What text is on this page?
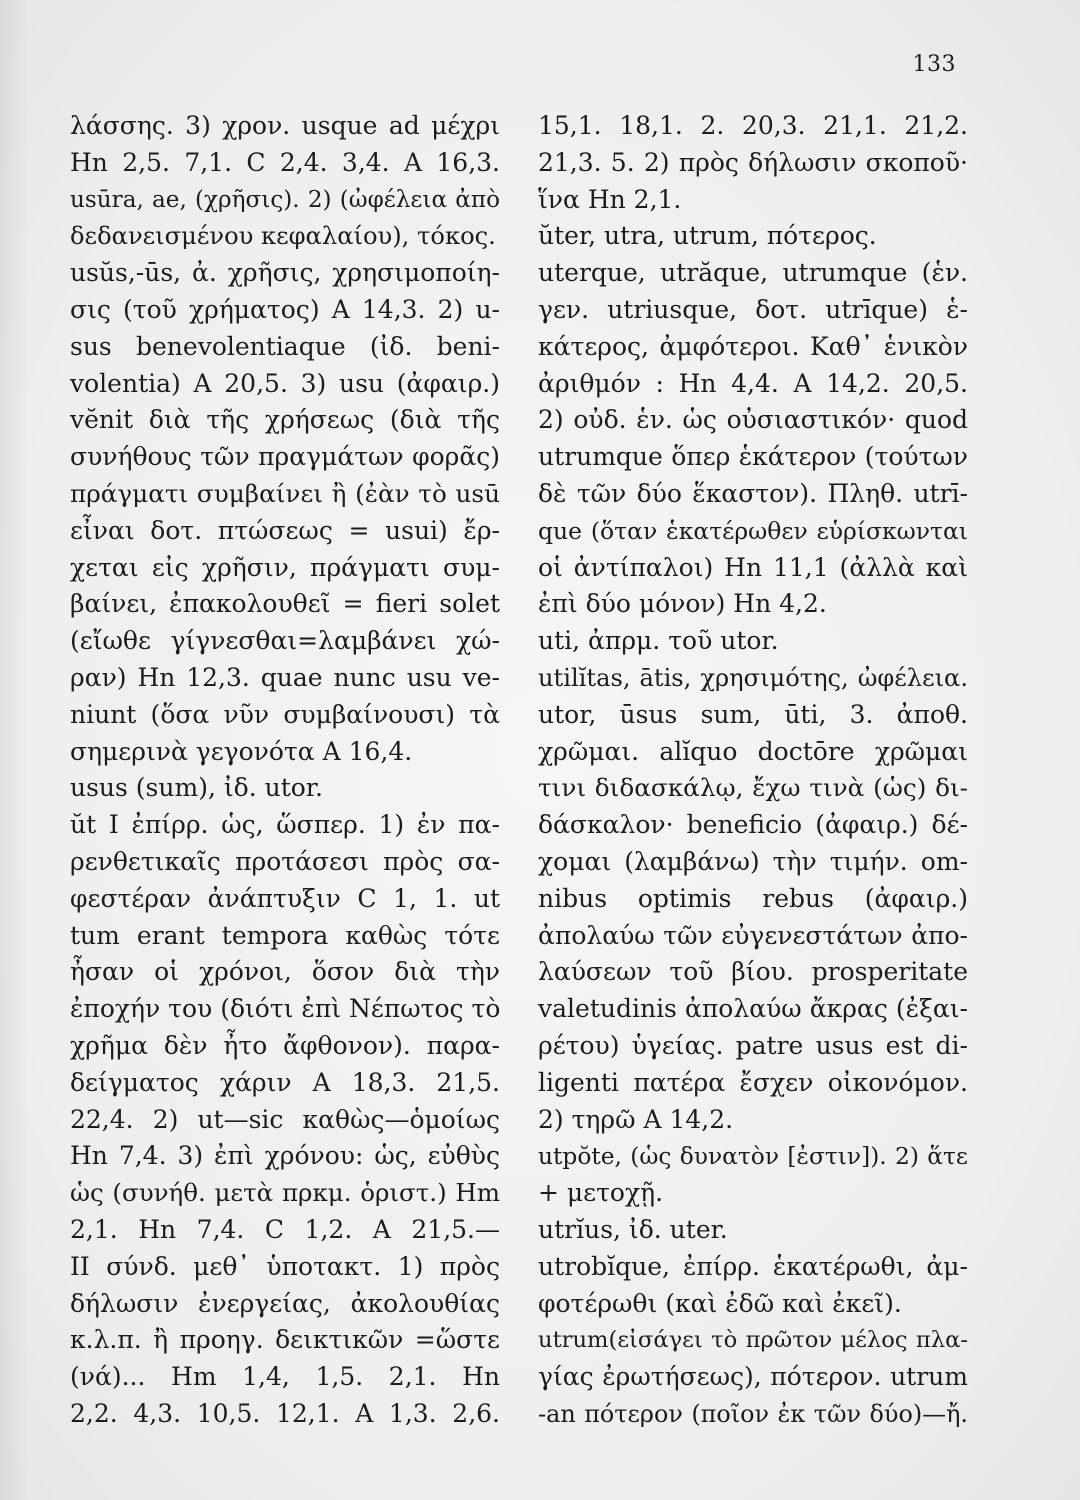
133
λάσσης. 3) χρον. usque ad μέχρι
Hn 2,5. 7,1. C 2,4. 3,4. A 16,3.
usūra, ae, (χρῆσις). 2) (ὠφέλεια ἀπὸ
δεδανεισμένου κεφαλαίου), τόκος.
usŭs,-ūs, ἀ. χρῆσις, χρησιμοποίη-
σις (τοῦ χρήματος) A 14,3. 2) u-
sus benevolentiaque (ἰδ. beni-
volentia) A 20,5. 3) usu (ἀφαιρ.)
vĕnit διὰ τῆς χρήσεως (διὰ τῆς
συνήθους τῶν πραγμάτων φορᾶς)
πράγματι συμβαίνει ἢ (ἐὰν τὸ usū
εἶναι δοτ. πτώσεως = usui) ἔρ-
χεται εἰς χρῆσιν, πράγματι συμ-
βαίνει, ἐπακολουθεῖ = fieri solet
(εἴωθε γίγνεσθαι=λαμβάνει χώ-
ραν) Hn 12,3. quae nunc usu ve-
niunt (ὅσα νῦν συμβαίνουσι) τὰ
σημερινὰ γεγονότα A 16,4.
usus (sum), ἰδ. utor.
ŭt I ἐπίρρ. ὡς, ὥσπερ. 1) ἐν πα-
ρενθετικαῖς προτάσεσι πρὸς σα-
φεστέραν ἀνάπτυξιν C 1, 1. ut
tum erant tempora καθὼς τότε
ἦσαν οἱ χρόνοι, ὅσον διὰ τὴν
ἐποχήν του (διότι ἐπὶ Νέπωτος τὸ
χρῆμα δὲν ἦτο ἄφθονον). παρα-
δείγματος χάριν A 18,3. 21,5.
22,4. 2) ut—sic καθὼς—ὁμοίως
Hn 7,4. 3) ἐπὶ χρόνου: ὡς, εὐθὺς
ὡς (συνήθ. μετὰ πρκμ. ὁριστ.) Hm
2,1. Hn 7,4. C 1,2. A 21,5.—
II σύνδ. μεθ᾽ ὑποτακτ. 1) πρὸς
δήλωσιν ἐνεργείας, ἀκολουθίας
κ.λ.π. ἢ προηγ. δεικτικῶν =ὥστε
(νά)... Hm 1,4, 1,5. 2,1. Hn
2,2. 4,3. 10,5. 12,1. A 1,3. 2,6.
15,1. 18,1. 2. 20,3. 21,1. 21,2.
21,3. 5. 2) πρὸς δήλωσιν σκοποῦ·
ἵνα Hn 2,1.
ŭter, utra, utrum, πότερος.
uterque, utrăque, utrumque (ἑν.
γεν. utriusque, δοτ. utrīque) ἑ-
κάτερος, ἀμφότεροι. Καθ᾽ ἑνικὸν
ἀριθμόν : Hn 4,4. A 14,2. 20,5.
2) οὐδ. ἑν. ὡς οὐσιαστικόν· quod
utrumque ὅπερ ἑκάτερον (τούτων
δὲ τῶν δύο ἕκαστον). Πληθ. utrī-
que (ὅταν ἑκατέρωθεν εὑρίσκωνται
οἱ ἀντίπαλοι) Hn 11,1 (ἀλλὰ καὶ
ἐπὶ δύο μόνον) Hn 4,2.
uti, ἀπρμ. τοῦ utor.
utilĭtas, ātis, χρησιμότης, ὠφέλεια.
utor, ūsus sum, ūti, 3. ἀποθ.
χρῶμαι. alĭquo doctōre χρῶμαι
τινι διδασκάλῳ, ἔχω τινὰ (ὡς) δι-
δάσκαλον· beneficio (ἀφαιρ.) δέ-
χομαι (λαμβάνω) τὴν τιμήν. om-
nibus optimis rebus (ἀφαιρ.)
ἀπολαύω τῶν εὐγενεστάτων ἀπο-
λαύσεων τοῦ βίου. prosperitate
valetudinis ἀπολαύω ἄκρας (ἐξαι-
ρέτου) ὑγείας. patre usus est di-
ligenti πατέρα ἔσχεν οἰκονόμον.
2) τηρῶ A 14,2.
utpŏte, (ὡς δυνατὸν [ἐστιν]). 2) ἅτε
+ μετοχῇ.
utrĭus, ἰδ. uter.
utrobĭque, ἐπίρρ. ἑκατέρωθι, ἀμ-
φοτέρωθι (καὶ ἐδῶ καὶ ἐκεῖ).
utrum(εἰσάγει τὸ πρῶτον μέλος πλα-
γίας ἐρωτήσεως), πότερον. utrum
-an πότερον (ποῖον ἐκ τῶν δύο)—ἤ.
